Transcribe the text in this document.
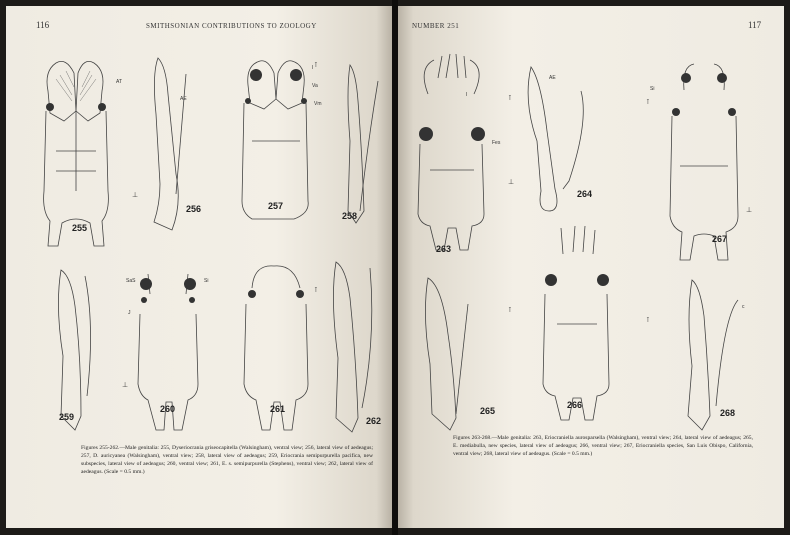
116	SMITHSONIAN CONTRIBUTIONS TO ZOOLOGY
255
AT
256
AE
257
I
Va
Vm
258
259
260
SaS	Si
J
261
262
⊥
⊺
⊥
⊺
Figures 255-262.—Male genitalia: 255, Dyseriocrania griseocapitella (Walsingham), ventral view; 256, lateral view of aedeagus; 257, D. auricyanea (Walsingham), ventral view; 258, lateral view of aedeagus; 259, Eriocrania semipurpurella pacifica, new subspecies, lateral view of aedeagus; 260, ventral view; 261, E. s. semipurpurella (Stephens), ventral view; 262, lateral view of aedeagus. (Scale = 0.5 mm.)
NUMBER 251	117
263
I
Fes
264
AE
267
Si
265
266
268
c
⊺
⊥
⊺
⊥
⊺
⊺
Figures 263-268.—Male genitalia: 263, Eriocraniella aurosparsella (Walsingham), ventral view; 264, lateral view of aedeagus; 265, E. mediabulla, new species, lateral view of aedeagus; 266, ventral view; 267, Eriocraniella species, San Luis Obispo, California, ventral view; 268, lateral view of aedeagus. (Scale = 0.5 mm.)
